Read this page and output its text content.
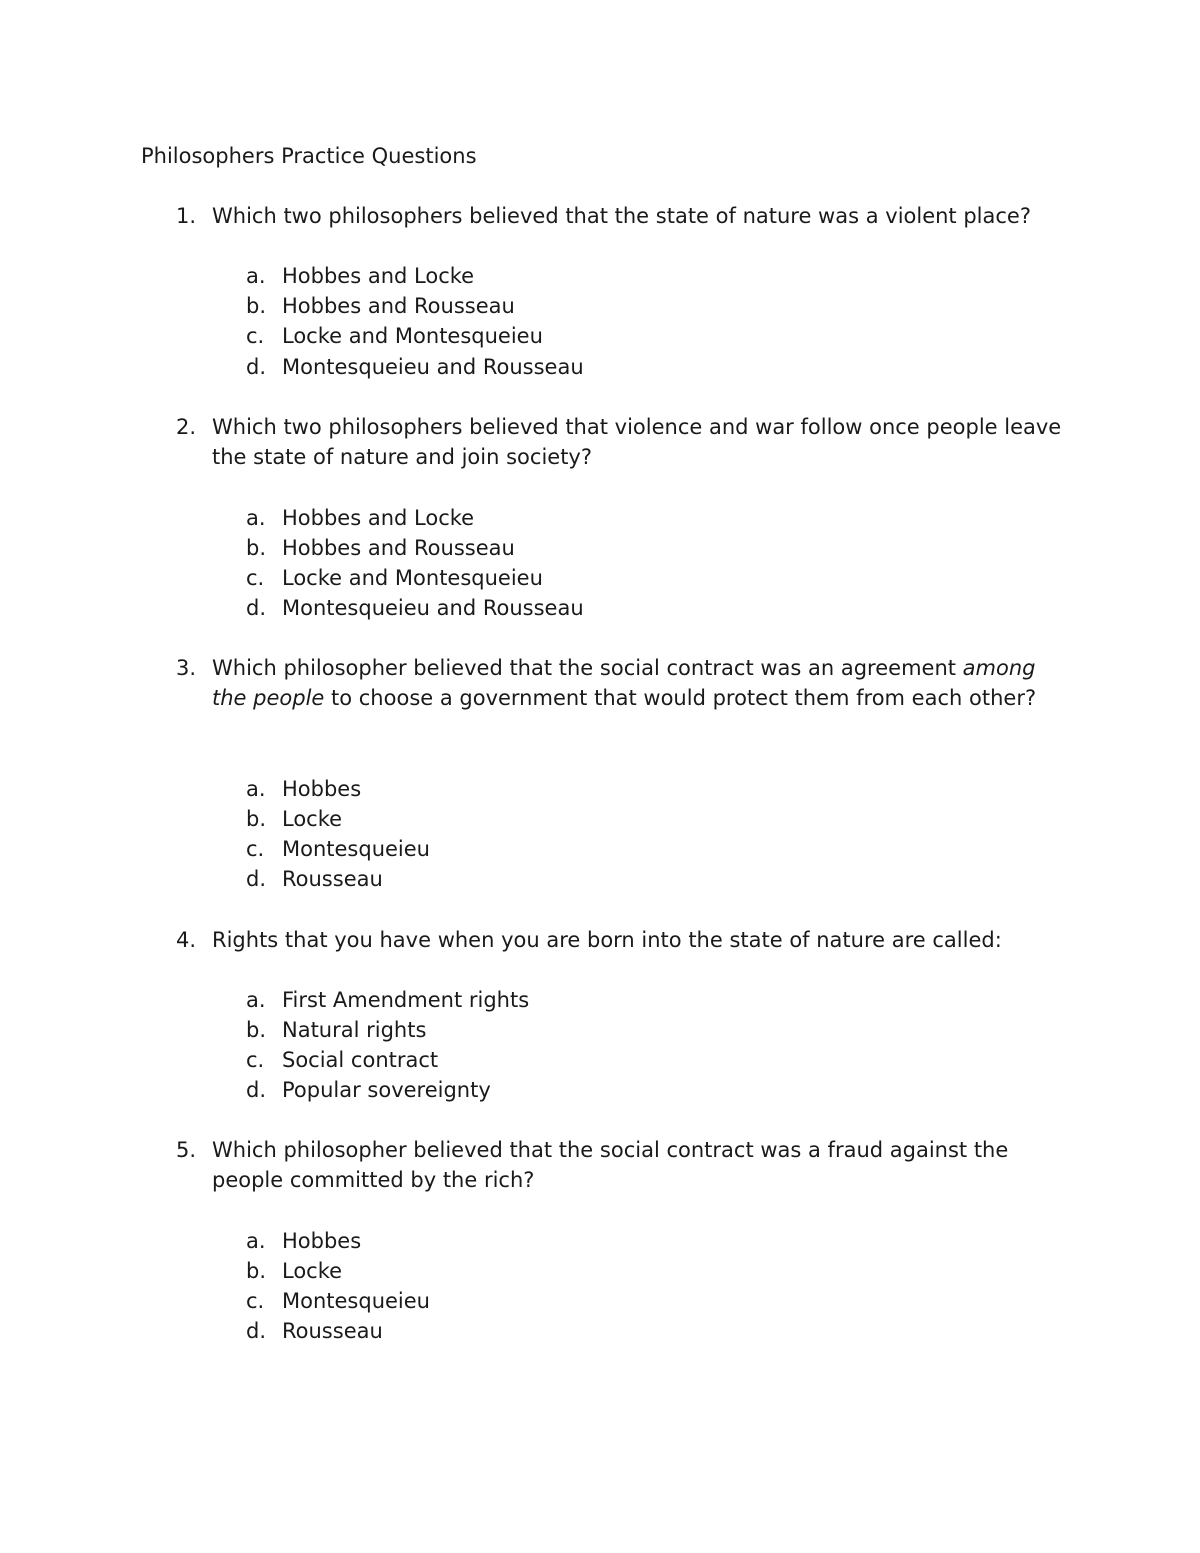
Philosophers Practice Questions
1. Which two philosophers believed that the state of nature was a violent place?
a. Hobbes and Locke
b. Hobbes and Rousseau
c. Locke and Montesqueieu
d. Montesqueieu and Rousseau
2. Which two philosophers believed that violence and war follow once people leave the state of nature and join society?
a. Hobbes and Locke
b. Hobbes and Rousseau
c. Locke and Montesqueieu
d. Montesqueieu and Rousseau
3. Which philosopher believed that the social contract was an agreement among the people to choose a government that would protect them from each other?
a. Hobbes
b. Locke
c. Montesqueieu
d. Rousseau
4. Rights that you have when you are born into the state of nature are called:
a. First Amendment rights
b. Natural rights
c. Social contract
d. Popular sovereignty
5. Which philosopher believed that the social contract was a fraud against the people committed by the rich?
a. Hobbes
b. Locke
c. Montesqueieu
d. Rousseau
